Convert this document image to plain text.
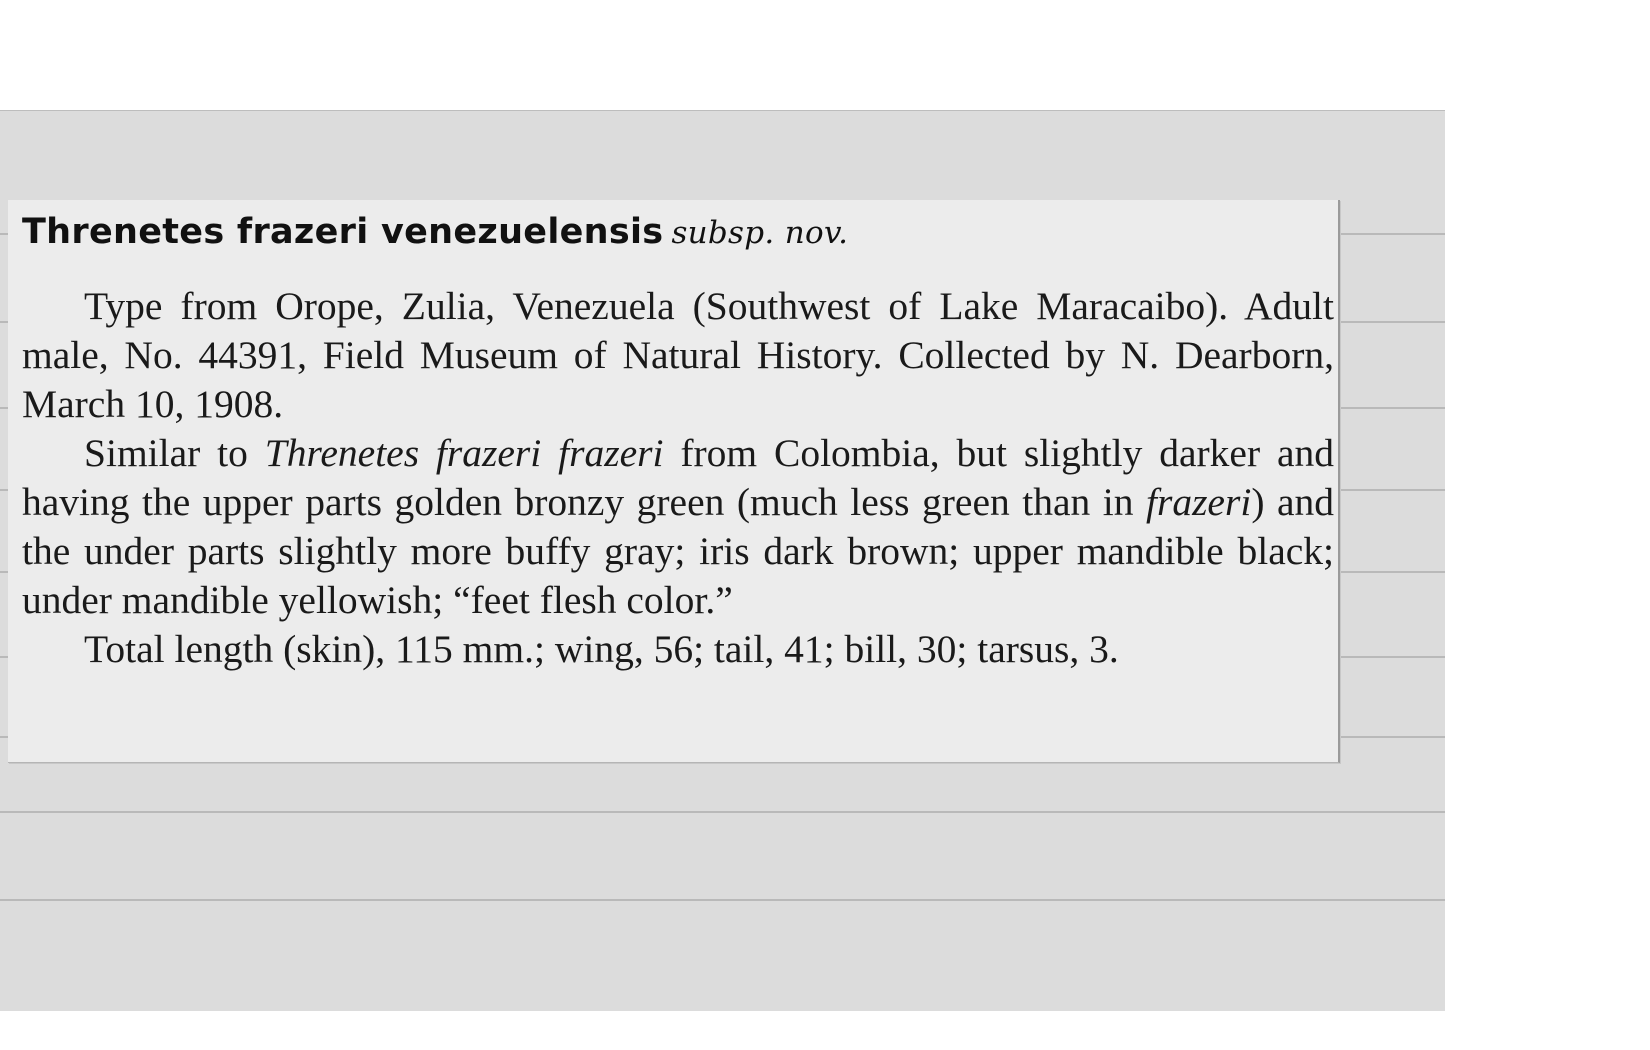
Threnetes frazeri venezuelensis subsp. nov.

Type from Orope, Zulia, Venezuela (Southwest of Lake Maracaibo). Adult male, No. 44391, Field Museum of Natural History. Collected by N. Dearborn, March 10, 1908.

Similar to Threnetes frazeri frazeri from Colombia, but slightly darker and having the upper parts golden bronzy green (much less green than in frazeri) and the under parts slightly more buffy gray; iris dark brown; upper mandible black; under mandible yellowish; “feet flesh color.”

Total length (skin), 115 mm.; wing, 56; tail, 41; bill, 30; tarsus, 3.
